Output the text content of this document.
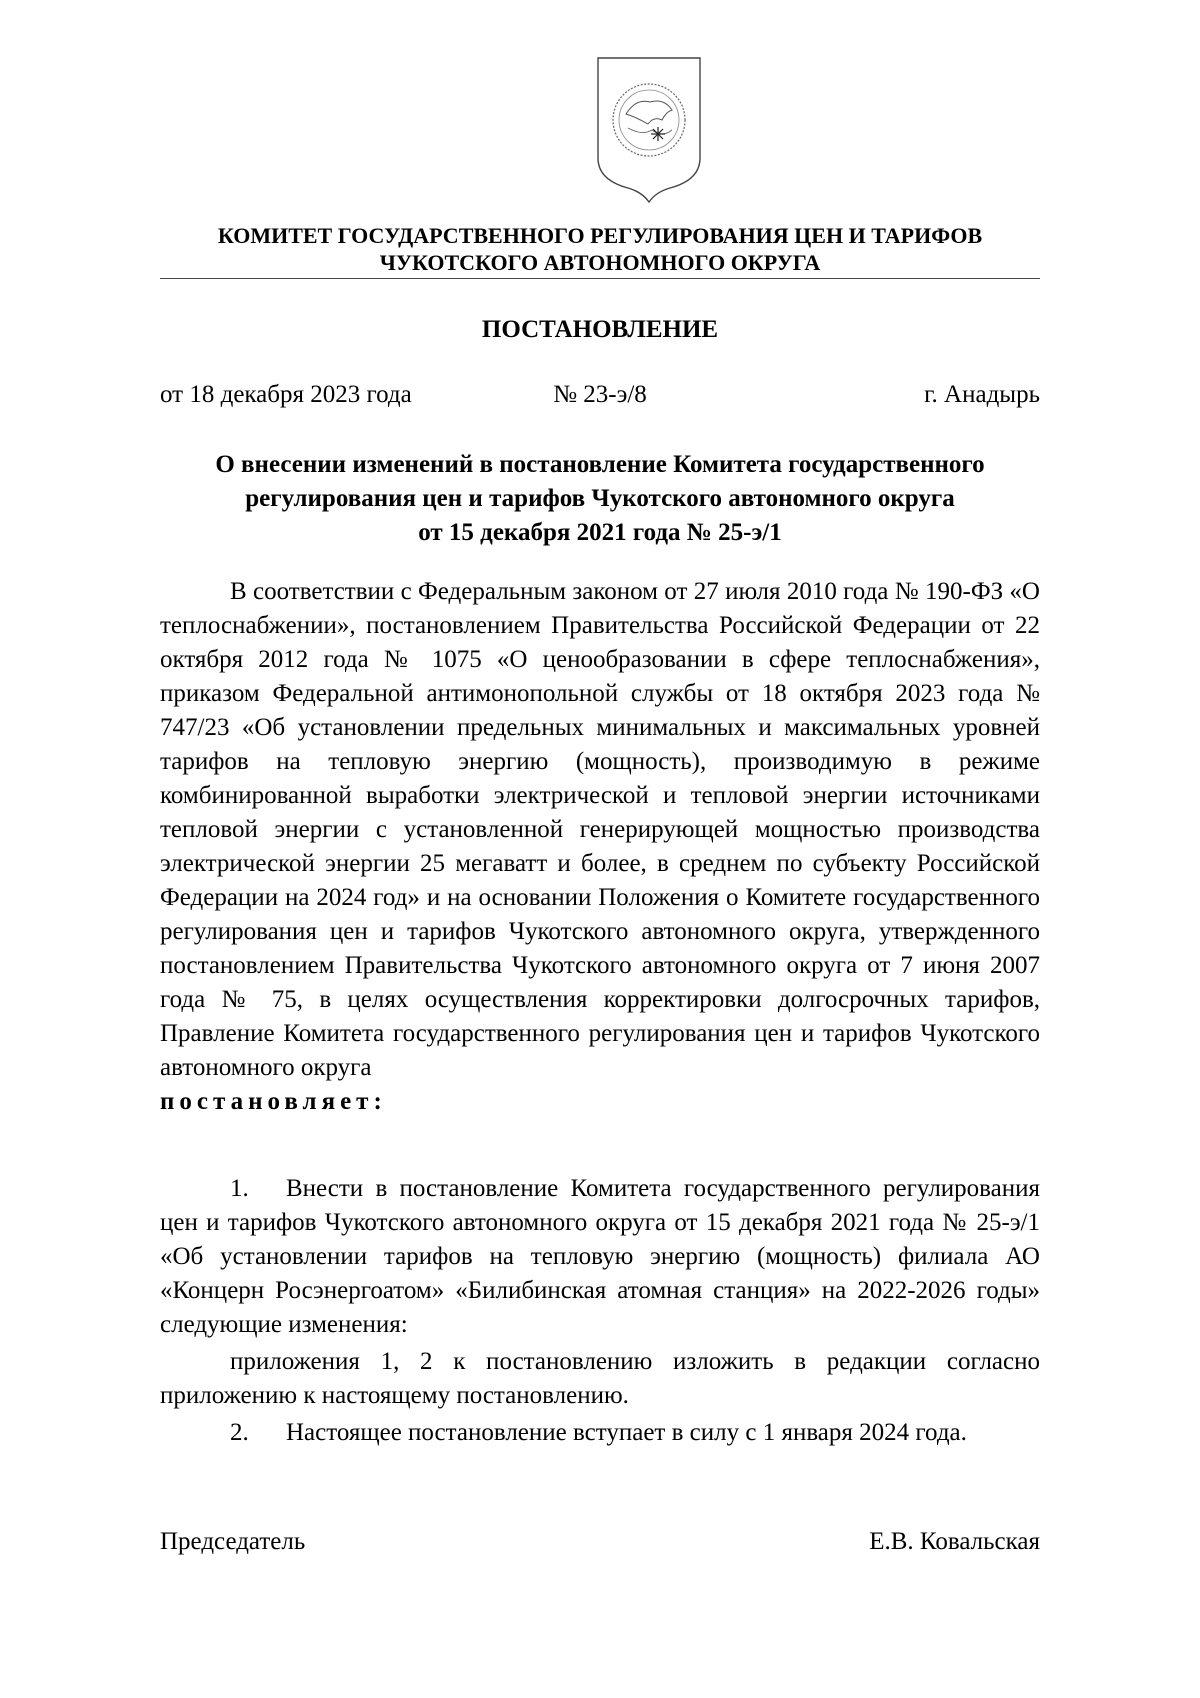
КОМИТЕТ ГОСУДАРСТВЕННОГО РЕГУЛИРОВАНИЯ ЦЕН И ТАРИФОВ
ЧУКОТСКОГО АВТОНОМНОГО ОКРУГА
ПОСТАНОВЛЕНИЕ
от 18 декабря 2023 года	№ 23-э/8	г. Анадырь
О внесении изменений в постановление Комитета государственного
регулирования цен и тарифов Чукотского автономного округа
от 15 декабря 2021 года № 25-э/1

В соответствии с Федеральным законом от 27 июля 2010 года № 190-ФЗ «О теплоснабжении», постановлением Правительства Российской Федерации от 22 октября 2012 года № 1075 «О ценообразовании в сфере теплоснабжения», приказом Федеральной антимонопольной службы от 18 октября 2023 года № 747/23 «Об установлении предельных минимальных и максимальных уровней тарифов на тепловую энергию (мощность), производимую в режиме комбинированной выработки электрической и тепловой энергии источниками тепловой энергии с установленной генерирующей мощностью производства электрической энергии 25 мегаватт и более, в среднем по субъекту Российской Федерации на 2024 год» и на основании Положения о Комитете государственного регулирования цен и тарифов Чукотского автономного округа, утвержденного постановлением Правительства Чукотского автономного округа от 7 июня 2007 года № 75, в целях осуществления корректировки долгосрочных тарифов, Правление Комитета государственного регулирования цен и тарифов Чукотского автономного округа

постановляет:

1. Внести в постановление Комитета государственного регулирования цен и тарифов Чукотского автономного округа от 15 декабря 2021 года № 25-э/1 «Об установлении тарифов на тепловую энергию (мощность) филиала АО «Концерн Росэнергоатом» «Билибинская атомная станция» на 2022-2026 годы» следующие изменения:

приложения 1, 2 к постановлению изложить в редакции согласно приложению к настоящему постановлению.

2. Настоящее постановление вступает в силу с 1 января 2024 года.

Председатель	Е.В. Ковальская
